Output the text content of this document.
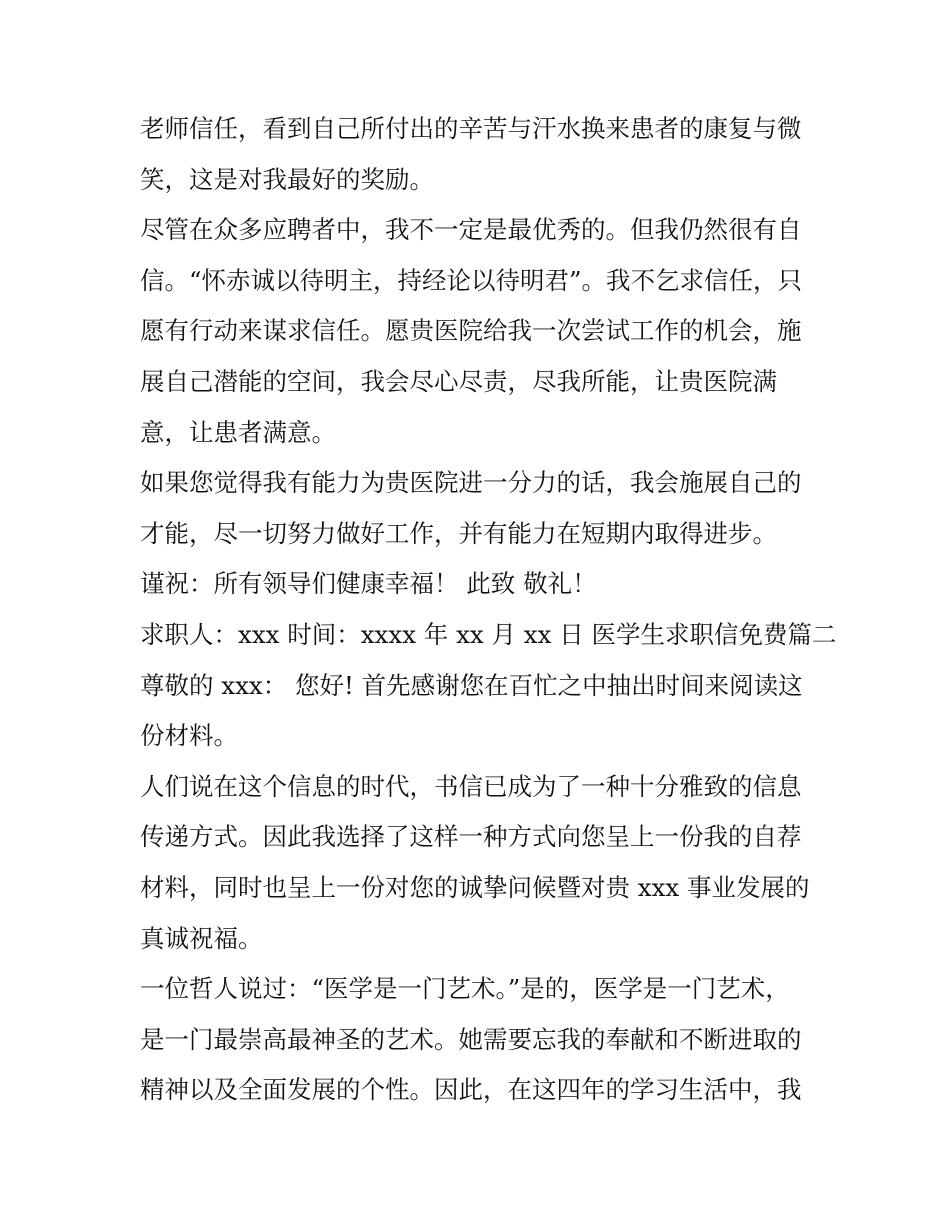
老师信任，看到自己所付出的辛苦与汗水换来患者的康复与微
笑，这是对我最好的奖励。
尽管在众多应聘者中，我不一定是最优秀的。但我仍然很有自
信。“怀赤诚以待明主，持经论以待明君”。我不乞求信任，只
愿有行动来谋求信任。愿贵医院给我一次尝试工作的机会，施
展自己潜能的空间，我会尽心尽责，尽我所能，让贵医院满
意，让患者满意。
如果您觉得我有能力为贵医院进一分力的话，我会施展自己的
才能，尽一切努力做好工作，并有能力在短期内取得进步。
谨祝：所有领导们健康幸福！ 此致 敬礼！
求职人：xxx 时间：xxxx 年 xx 月 xx 日 医学生求职信免费篇二
尊敬的 xxx： 您好! 首先感谢您在百忙之中抽出时间来阅读这
份材料。
人们说在这个信息的时代，书信已成为了一种十分雅致的信息
传递方式。因此我选择了这样一种方式向您呈上一份我的自荐
材料，同时也呈上一份对您的诚挚问候暨对贵 xxx 事业发展的
真诚祝福。
一位哲人说过：“医学是一门艺术。”是的，医学是一门艺术，
是一门最崇高最神圣的艺术。她需要忘我的奉献和不断进取的
精神以及全面发展的个性。因此，在这四年的学习生活中，我
